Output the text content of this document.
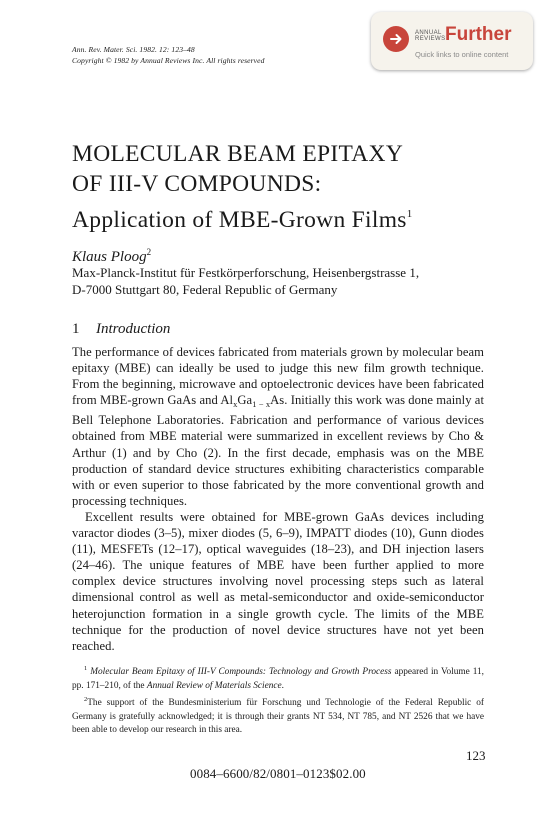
Ann. Rev. Mater. Sci. 1982. 12: 123–48
Copyright © 1982 by Annual Reviews Inc. All rights reserved
ANNUAL
REVIEWS Further
Quick links to online content
MOLECULAR BEAM EPITAXY
OF III-V COMPOUNDS:
Application of MBE-Grown Films$^1$
Klaus Ploog$^2$
Max-Planck-Institut für Festkörperforschung, Heisenbergstrasse 1,
D-7000 Stuttgart 80, Federal Republic of Germany
1 Introduction

The performance of devices fabricated from materials grown by molecular beam epitaxy (MBE) can ideally be used to judge this new film growth technique. From the beginning, microwave and optoelectronic devices have been fabricated from MBE-grown GaAs and $Al_xGa_{1 - x}As$. Initially this work was done mainly at Bell Telephone Laboratories. Fabrication and performance of various devices obtained from MBE material were summarized in excellent reviews by Cho & Arthur (1) and by Cho (2). In the first decade, emphasis was on the MBE production of standard device structures exhibiting characteristics comparable with or even superior to those fabricated by the more conventional growth and processing techniques.

Excellent results were obtained for MBE-grown GaAs devices including varactor diodes (3–5), mixer diodes (5, 6–9), IMPATT diodes (10), Gunn diodes (11), MESFETs (12–17), optical waveguides (18–23), and DH injection lasers (24–46). The unique features of MBE have been further applied to more complex device structures involving novel processing steps such as lateral dimensional control as well as metal-semiconductor and oxide-semiconductor heterojunction formation in a single growth cycle. The limits of the MBE technique for the production of novel device structures have not yet been reached.

$^1$ Molecular Beam Epitaxy of III-V Compounds: Technology and Growth Process appeared in Volume 11, pp. 171–210, of the Annual Review of Materials Science.

$^2$The support of the Bundesministerium für Forschung und Technologie of the Federal Republic of Germany is gratefully acknowledged; it is through their grants NT 534, NT 785, and NT 2526 that we have been able to develop our research in this area.

123
0084–6600/82/0801–0123$02.00
